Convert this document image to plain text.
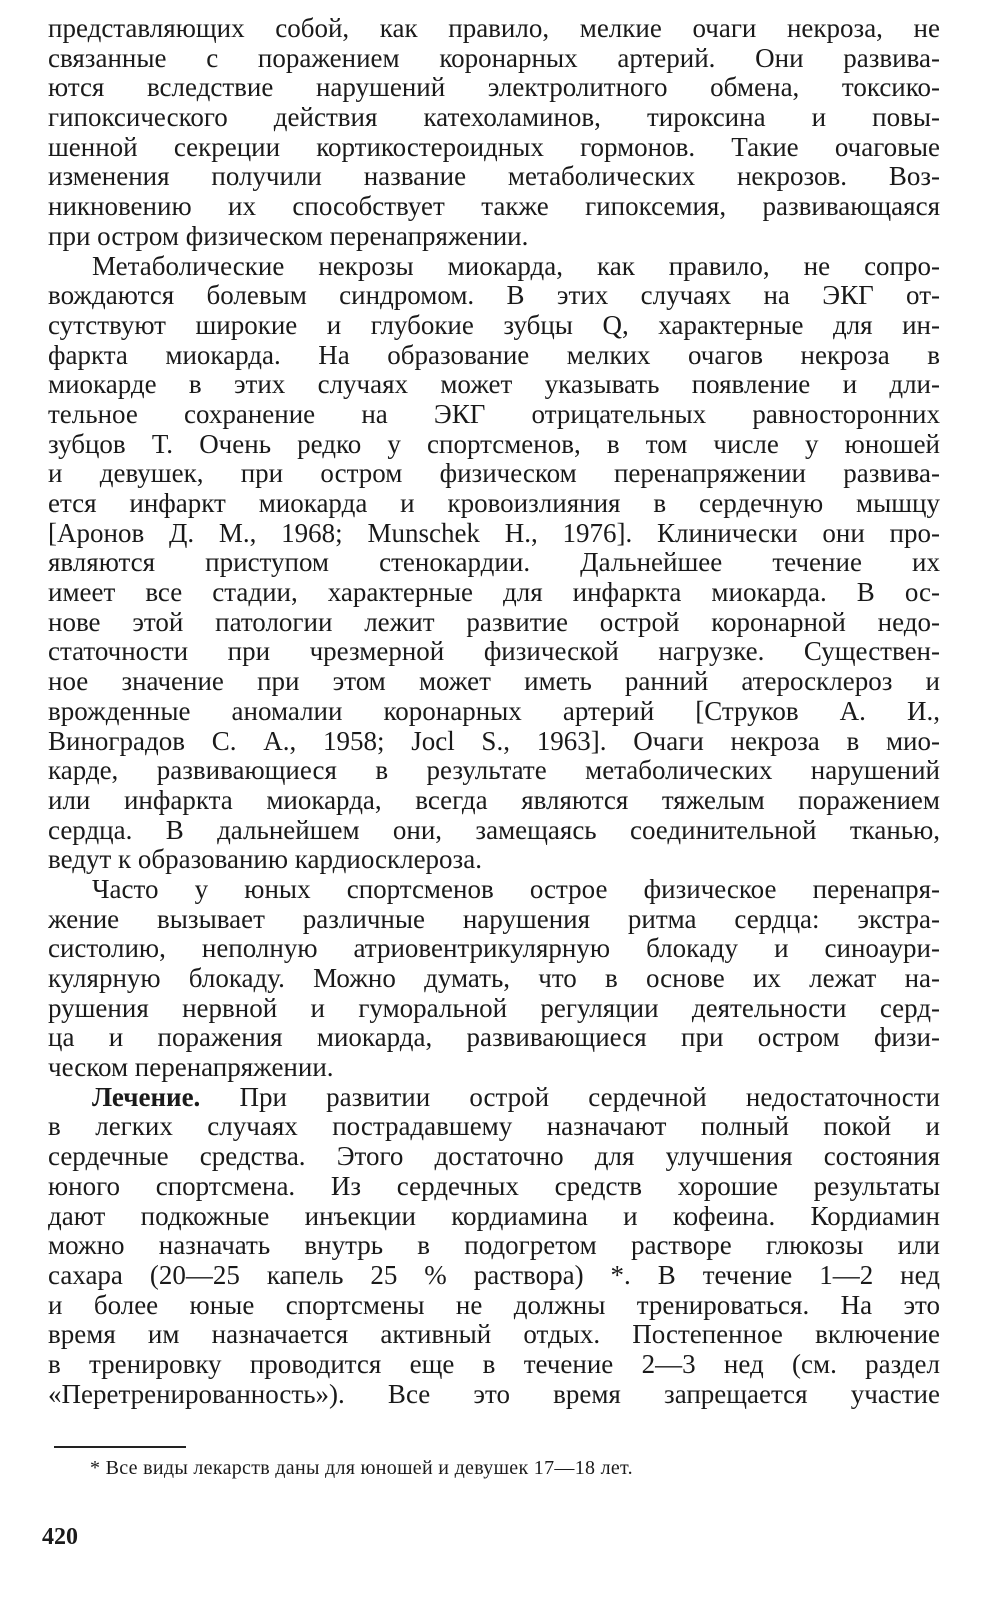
представляющих собой, как правило, мелкие очаги некроза, не
связанные с поражением коронарных артерий. Они развива-
ются вследствие нарушений электролитного обмена, токсико-
гипоксического действия катехоламинов, тироксина и повы-
шенной секреции кортикостероидных гормонов. Такие очаговые
изменения получили название метаболических некрозов. Воз-
никновению их способствует также гипоксемия, развивающаяся
при остром физическом перенапряжении.
Метаболические некрозы миокарда, как правило, не сопро-
вождаются болевым синдромом. В этих случаях на ЭКГ от-
сутствуют широкие и глубокие зубцы Q, характерные для ин-
фаркта миокарда. На образование мелких очагов некроза в
миокарде в этих случаях может указывать появление и дли-
тельное сохранение на ЭКГ отрицательных равносторонних
зубцов T. Очень редко у спортсменов, в том числе у юношей
и девушек, при остром физическом перенапряжении развива-
ется инфаркт миокарда и кровоизлияния в сердечную мышцу
[Аронов Д. М., 1968; Munschek H., 1976]. Клинически они про-
являются приступом стенокардии. Дальнейшее течение их
имеет все стадии, характерные для инфаркта миокарда. В ос-
нове этой патологии лежит развитие острой коронарной недо-
статочности при чрезмерной физической нагрузке. Существен-
ное значение при этом может иметь ранний атеросклероз и
врожденные аномалии коронарных артерий [Струков А. И.,
Виноградов С. А., 1958; Jocl S., 1963]. Очаги некроза в мио-
карде, развивающиеся в результате метаболических нарушений
или инфаркта миокарда, всегда являются тяжелым поражением
сердца. В дальнейшем они, замещаясь соединительной тканью,
ведут к образованию кардиосклероза.
Часто у юных спортсменов острое физическое перенапря-
жение вызывает различные нарушения ритма сердца: экстра-
систолию, неполную атриовентрикулярную блокаду и синоаури-
кулярную блокаду. Можно думать, что в основе их лежат на-
рушения нервной и гуморальной регуляции деятельности серд-
ца и поражения миокарда, развивающиеся при остром физи-
ческом перенапряжении.
Лечение. При развитии острой сердечной недостаточности
в легких случаях пострадавшему назначают полный покой и
сердечные средства. Этого достаточно для улучшения состояния
юного спортсмена. Из сердечных средств хорошие результаты
дают подкожные инъекции кордиамина и кофеина. Кордиамин
можно назначать внутрь в подогретом растворе глюкозы или
сахара (20—25 капель 25 % раствора) *. В течение 1—2 нед
и более юные спортсмены не должны тренироваться. На это
время им назначается активный отдых. Постепенное включение
в тренировку проводится еще в течение 2—3 нед (см. раздел
«Перетренированность»). Все это время запрещается участие
* Все виды лекарств даны для юношей и девушек 17—18 лет.
420
